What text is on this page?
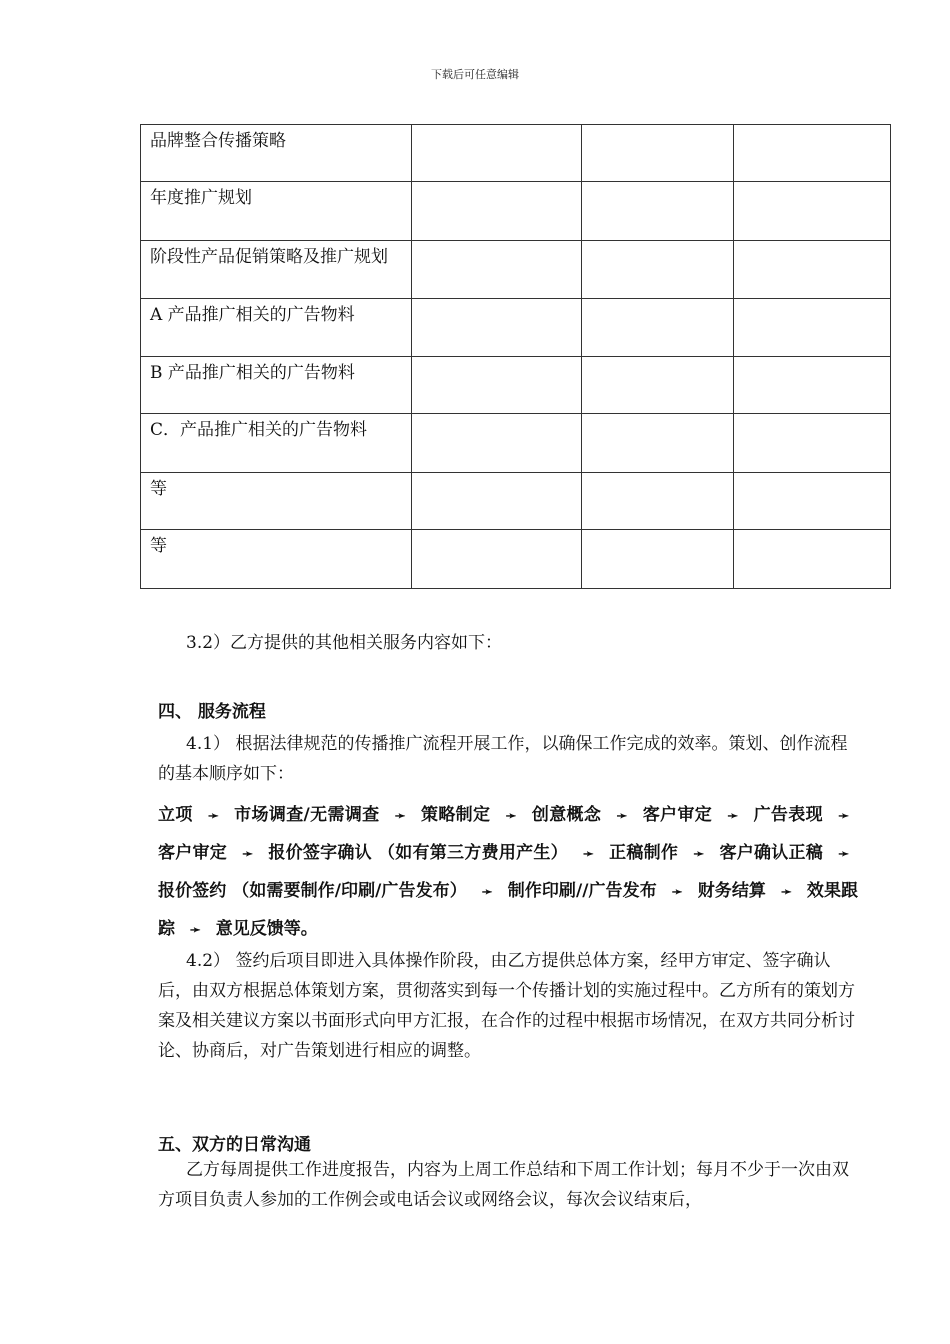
下载后可任意编辑
品牌整合传播策略			
年度推广规划			
阶段性产品促销策略及推广规划			
A 产品推广相关的广告物料			
B 产品推广相关的广告物料			
C．产品推广相关的广告物料			
等			
等			
3.2）乙方提供的其他相关服务内容如下：
四、 服务流程
4.1） 根据法律规范的传播推广流程开展工作，以确保工作完成的效率。策划、创作流程的基本顺序如下：
立项 ➛ 市场调查/无需调查 ➛ 策略制定 ➛ 创意概念 ➛ 客户审定 ➛ 广告表现 ➛ 客户审定 ➛ 报价签字确认 （如有第三方费用产生） ➛ 正稿制作 ➛ 客户确认正稿 ➛ 报价签约 （如需要制作/印刷/广告发布） ➛ 制作印刷//广告发布 ➛ 财务结算 ➛ 效果跟踪 ➛ 意见反馈等。
4.2） 签约后项目即进入具体操作阶段，由乙方提供总体方案，经甲方审定、签字确认后，由双方根据总体策划方案，贯彻落实到每一个传播计划的实施过程中。乙方所有的策划方案及相关建议方案以书面形式向甲方汇报，在合作的过程中根据市场情况，在双方共同分析讨论、协商后，对广告策划进行相应的调整。
五、双方的日常沟通
乙方每周提供工作进度报告，内容为上周工作总结和下周工作计划；每月不少于一次由双方项目负责人参加的工作例会或电话会议或网络会议，每次会议结束后，
